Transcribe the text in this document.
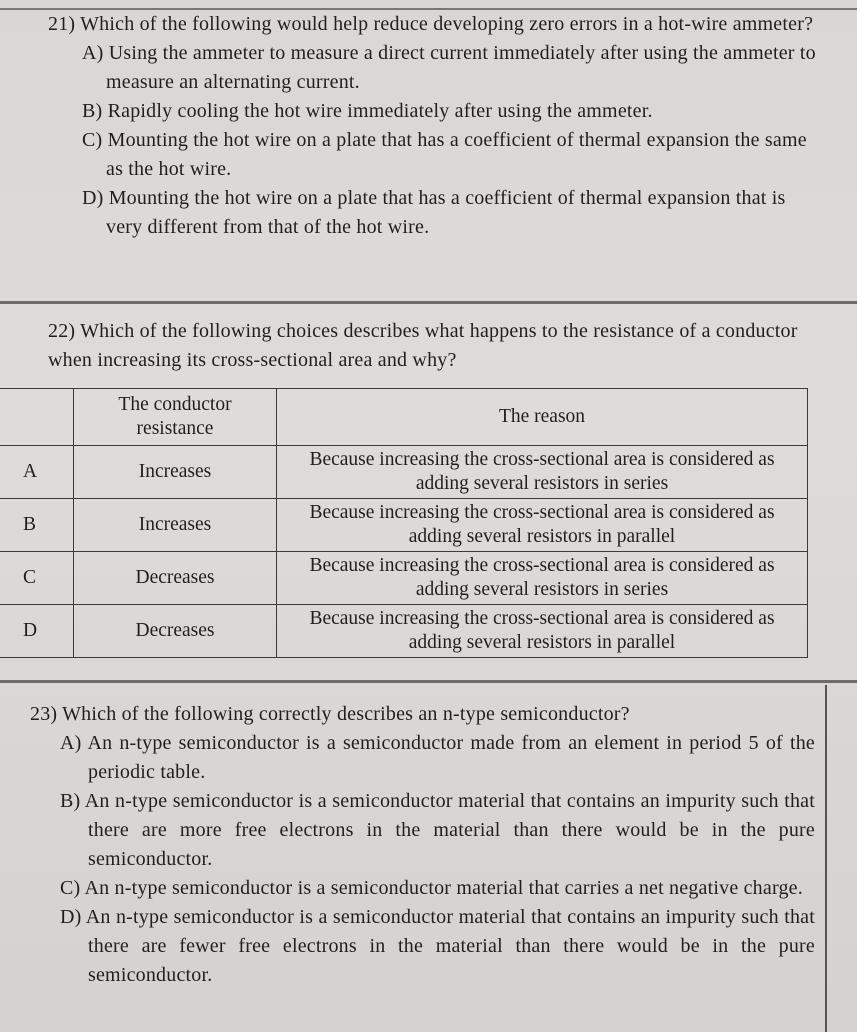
21) Which of the following would help reduce developing zero errors in a hot-wire ammeter?

A) Using the ammeter to measure a direct current immediately after using the ammeter to measure an alternating current.

B) Rapidly cooling the hot wire immediately after using the ammeter.

C) Mounting the hot wire on a plate that has a coefficient of thermal expansion the same as the hot wire.

D) Mounting the hot wire on a plate that has a coefficient of thermal expansion that is very different from that of the hot wire.

22) Which of the following choices describes what happens to the resistance of a conductor when increasing its cross-sectional area and why?

	The conductor resistance	The reason
A	Increases	Because increasing the cross-sectional area is considered as adding several resistors in series
B	Increases	Because increasing the cross-sectional area is considered as adding several resistors in parallel
C	Decreases	Because increasing the cross-sectional area is considered as adding several resistors in series
D	Decreases	Because increasing the cross-sectional area is considered as adding several resistors in parallel

23) Which of the following correctly describes an n-type semiconductor?

A) An n-type semiconductor is a semiconductor made from an element in period 5 of the periodic table.

B) An n-type semiconductor is a semiconductor material that contains an impurity such that there are more free electrons in the material than there would be in the pure semiconductor.

C) An n-type semiconductor is a semiconductor material that carries a net negative charge.

D) An n-type semiconductor is a semiconductor material that contains an impurity such that there are fewer free electrons in the material than there would be in the pure semiconductor.
